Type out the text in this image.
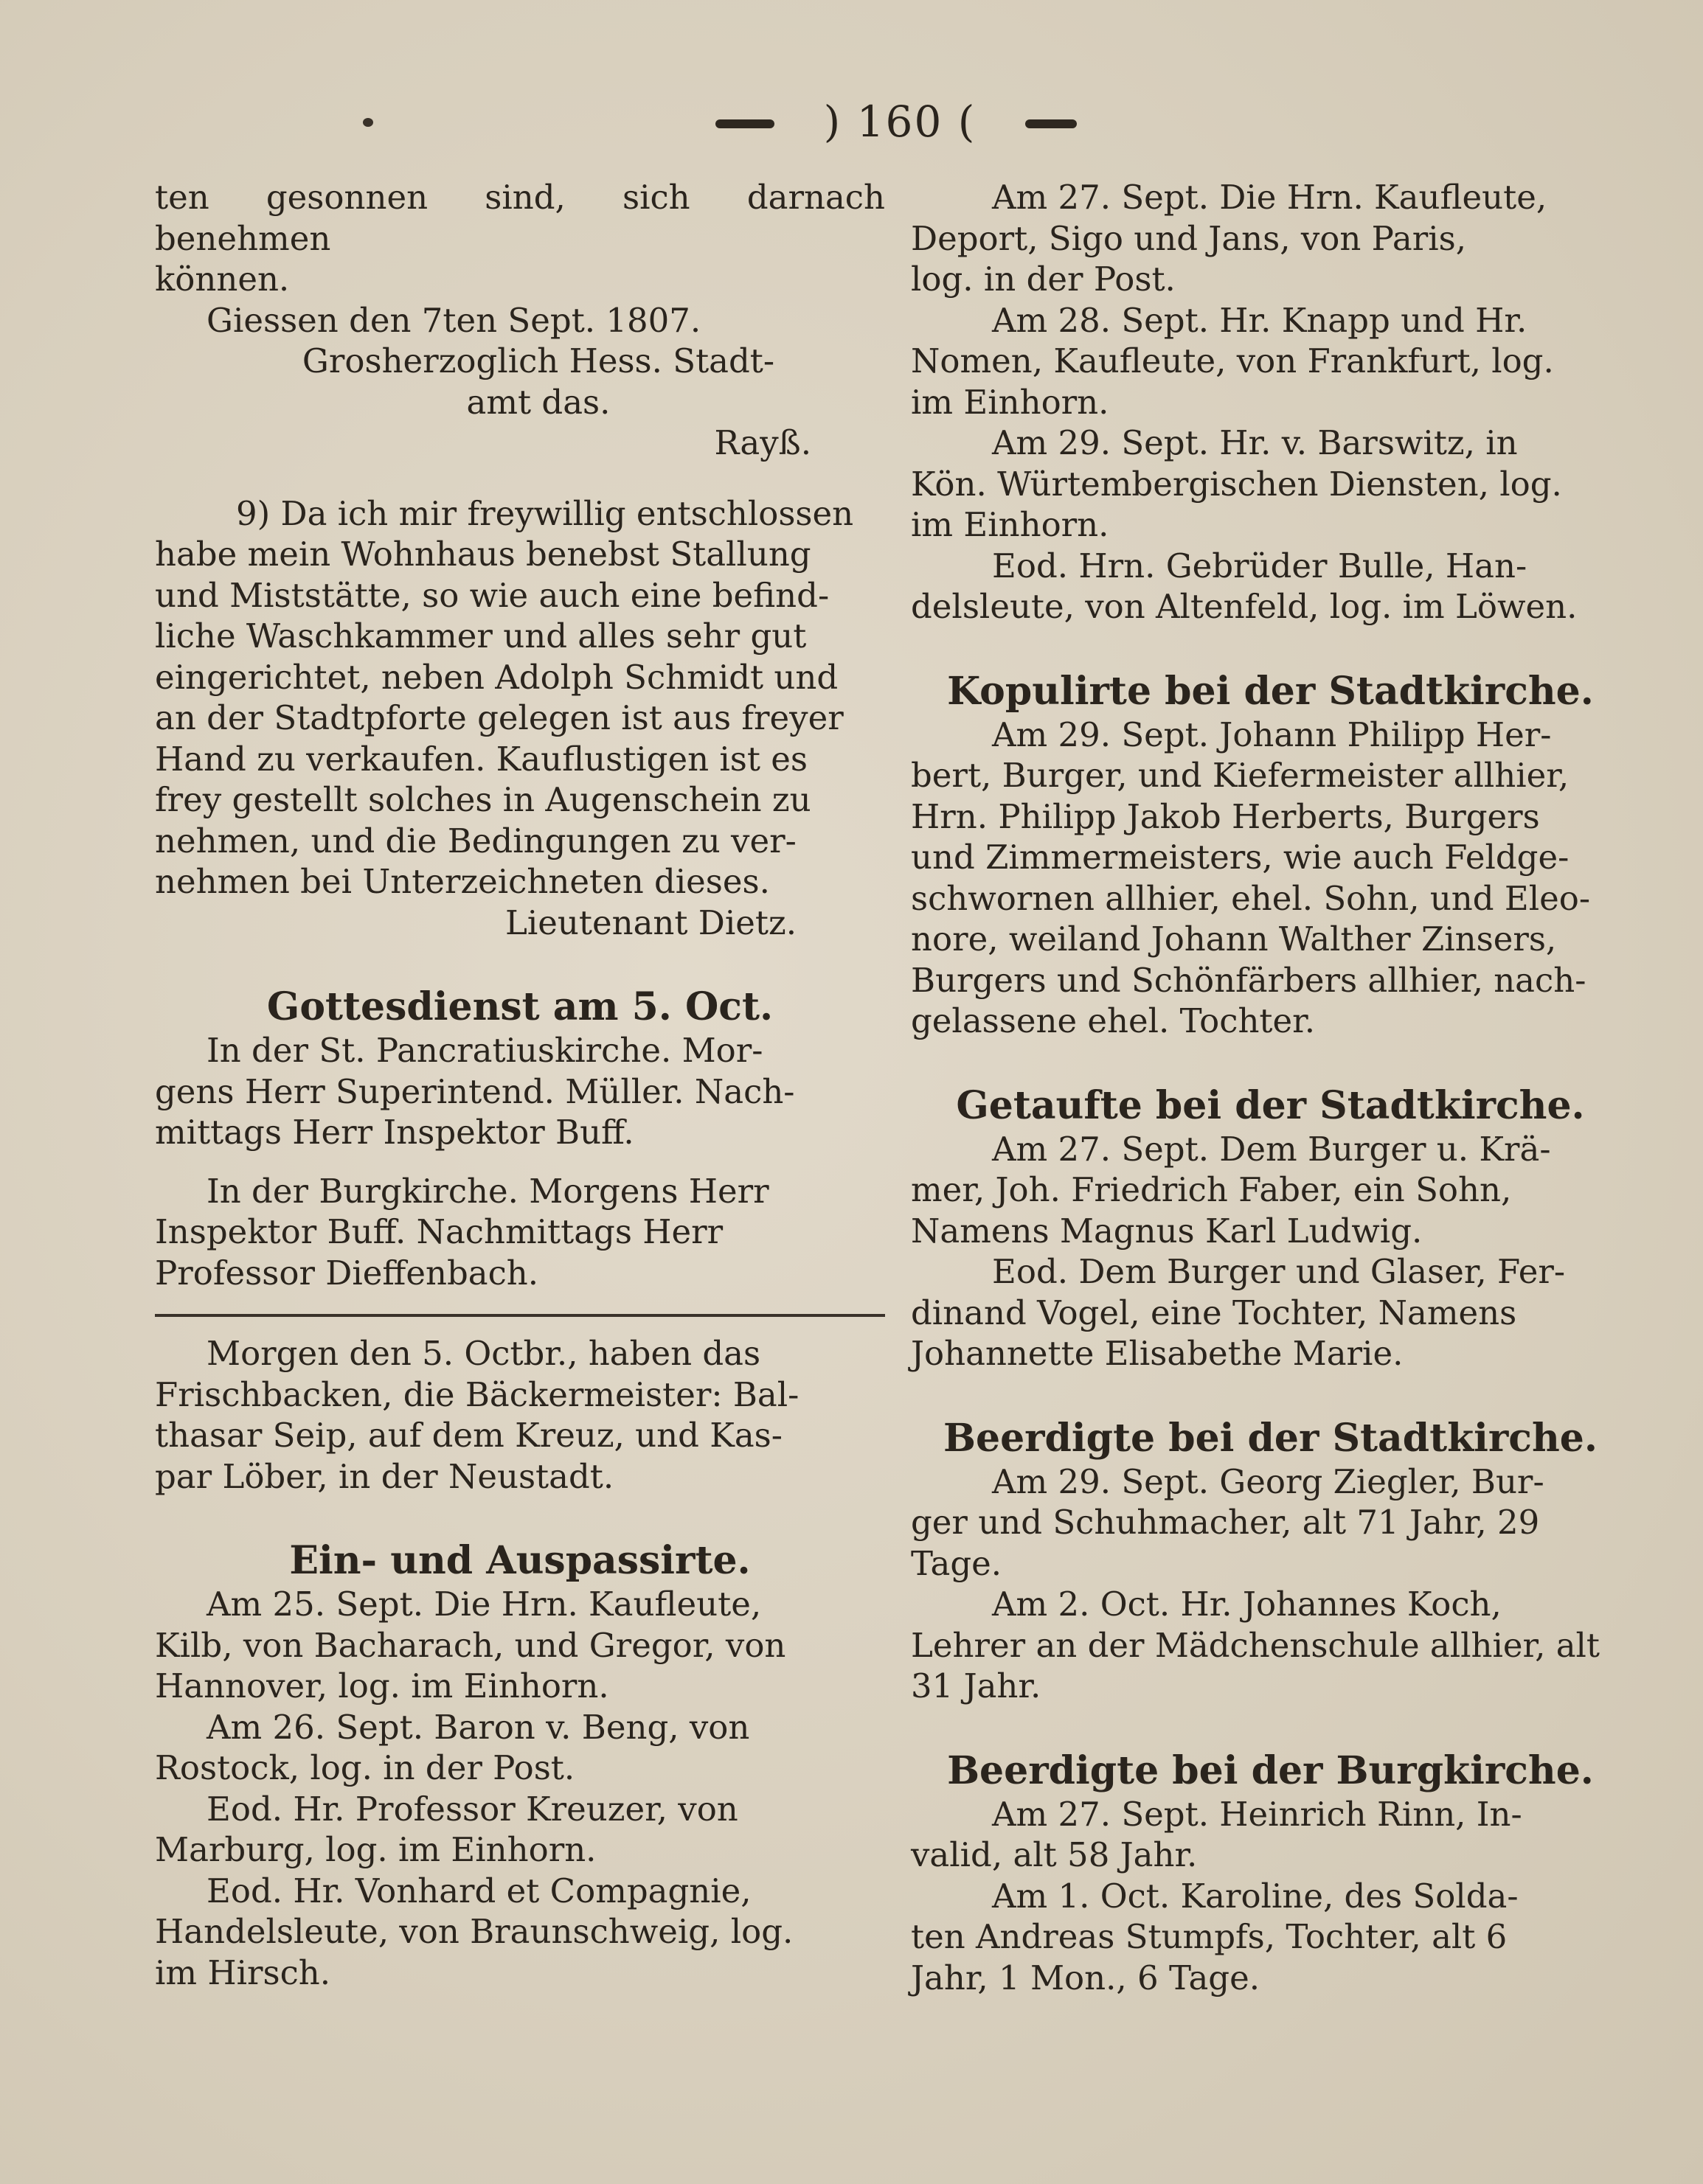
) 160 (

ten gesonnen sind, sich darnach benehmen

können.

Giessen den 7ten Sept. 1807.

Grosherzoglich Hess. Stadt-

amt das.

Rayß.

9) Da ich mir freywillig entschlossen

habe mein Wohnhaus benebst Stallung

und Miststätte, so wie auch eine befind-

liche Waschkammer und alles sehr gut

eingerichtet, neben Adolph Schmidt und

an der Stadtpforte gelegen ist aus freyer

Hand zu verkaufen. Kauflustigen ist es

frey gestellt solches in Augenschein zu

nehmen, und die Bedingungen zu ver-

nehmen bei Unterzeichneten dieses.

Lieutenant Dietz.

Gottesdienst am 5. Oct.

In der St. Pancratiuskirche. Mor-

gens Herr Superintend. Müller. Nach-

mittags Herr Inspektor Buff.

In der Burgkirche. Morgens Herr

Inspektor Buff. Nachmittags Herr

Professor Dieffenbach.

Morgen den 5. Octbr., haben das

Frischbacken, die Bäckermeister: Bal-

thasar Seip, auf dem Kreuz, und Kas-

par Löber, in der Neustadt.

Ein- und Auspassirte.

Am 25. Sept. Die Hrn. Kaufleute,

Kilb, von Bacharach, und Gregor, von

Hannover, log. im Einhorn.

Am 26. Sept. Baron v. Beng, von

Rostock, log. in der Post.

Eod. Hr. Professor Kreuzer, von

Marburg, log. im Einhorn.

Eod. Hr. Vonhard et Compagnie,

Handelsleute, von Braunschweig, log.

im Hirsch.

Am 27. Sept. Die Hrn. Kaufleute,

Deport, Sigo und Jans, von Paris,

log. in der Post.

Am 28. Sept. Hr. Knapp und Hr.

Nomen, Kaufleute, von Frankfurt, log.

im Einhorn.

Am 29. Sept. Hr. v. Barswitz, in

Kön. Würtembergischen Diensten, log.

im Einhorn.

Eod. Hrn. Gebrüder Bulle, Han-

delsleute, von Altenfeld, log. im Löwen.

Kopulirte bei der Stadtkirche.

Am 29. Sept. Johann Philipp Her-

bert, Burger, und Kiefermeister allhier,

Hrn. Philipp Jakob Herberts, Burgers

und Zimmermeisters, wie auch Feldge-

schwornen allhier, ehel. Sohn, und Eleo-

nore, weiland Johann Walther Zinsers,

Burgers und Schönfärbers allhier, nach-

gelassene ehel. Tochter.

Getaufte bei der Stadtkirche.

Am 27. Sept. Dem Burger u. Krä-

mer, Joh. Friedrich Faber, ein Sohn,

Namens Magnus Karl Ludwig.

Eod. Dem Burger und Glaser, Fer-

dinand Vogel, eine Tochter, Namens

Johannette Elisabethe Marie.

Beerdigte bei der Stadtkirche.

Am 29. Sept. Georg Ziegler, Bur-

ger und Schuhmacher, alt 71 Jahr, 29

Tage.

Am 2. Oct. Hr. Johannes Koch,

Lehrer an der Mädchenschule allhier, alt

31 Jahr.

Beerdigte bei der Burgkirche.

Am 27. Sept. Heinrich Rinn, In-

valid, alt 58 Jahr.

Am 1. Oct. Karoline, des Solda-

ten Andreas Stumpfs, Tochter, alt 6

Jahr, 1 Mon., 6 Tage.
